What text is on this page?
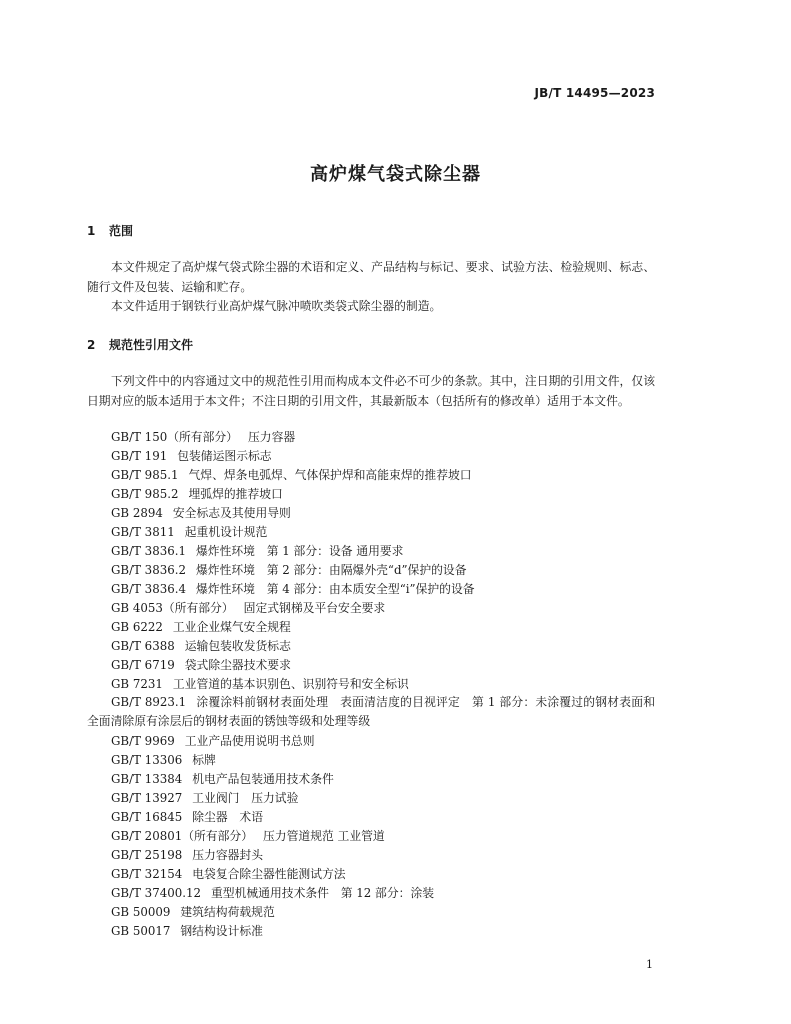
JB/T 14495—2023
高炉煤气袋式除尘器
1 范围

本文件规定了高炉煤气袋式除尘器的术语和定义、产品结构与标记、要求、试验方法、检验规则、标志、随行文件及包装、运输和贮存。

本文件适用于钢铁行业高炉煤气脉冲喷吹类袋式除尘器的制造。

2 规范性引用文件

下列文件中的内容通过文中的规范性引用而构成本文件必不可少的条款。其中，注日期的引用文件，仅该日期对应的版本适用于本文件；不注日期的引用文件，其最新版本（包括所有的修改单）适用于本文件。

GB/T 150（所有部分） 压力容器
GB/T 191 包装储运图示标志
GB/T 985.1 气焊、焊条电弧焊、气体保护焊和高能束焊的推荐坡口
GB/T 985.2 埋弧焊的推荐坡口
GB 2894 安全标志及其使用导则
GB/T 3811 起重机设计规范
GB/T 3836.1 爆炸性环境　第 1 部分：设备 通用要求
GB/T 3836.2 爆炸性环境　第 2 部分：由隔爆外壳“d”保护的设备
GB/T 3836.4 爆炸性环境　第 4 部分：由本质安全型“i”保护的设备
GB 4053（所有部分） 固定式钢梯及平台安全要求
GB 6222 工业企业煤气安全规程
GB/T 6388 运输包装收发货标志
GB/T 6719 袋式除尘器技术要求
GB 7231 工业管道的基本识别色、识别符号和安全标识
GB/T 8923.1 涂覆涂料前钢材表面处理　表面清洁度的目视评定　第 1 部分：未涂覆过的钢材表面和全面清除原有涂层后的钢材表面的锈蚀等级和处理等级
GB/T 9969 工业产品使用说明书总则
GB/T 13306 标牌
GB/T 13384 机电产品包装通用技术条件
GB/T 13927 工业阀门　压力试验
GB/T 16845 除尘器　术语
GB/T 20801（所有部分） 压力管道规范 工业管道
GB/T 25198 压力容器封头
GB/T 32154 电袋复合除尘器性能测试方法
GB/T 37400.12 重型机械通用技术条件　第 12 部分：涂装
GB 50009 建筑结构荷载规范
GB 50017 钢结构设计标准
1
